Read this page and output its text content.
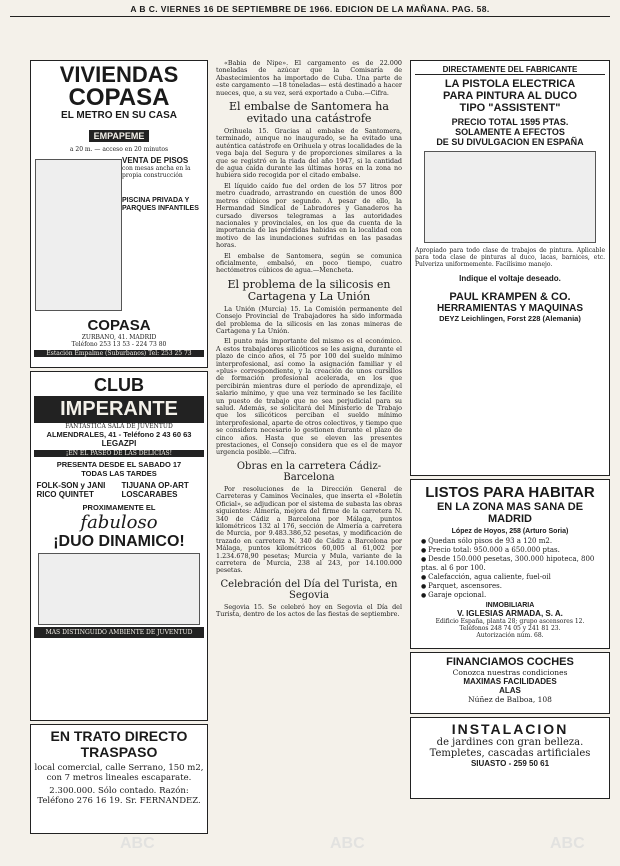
A B C. VIERNES 16 DE SEPTIEMBRE DE 1966. EDICION DE LA MAÑANA. PAG. 58.
VIVIENDAS
COPASA
EL METRO EN SU CASA
EMPAPEME
a 20 m. — acceso en 20 minutos
VENTA DE PISOS
con mesas ancha en la propia construcción
PISCINA PRIVADA Y PARQUES INFANTILES
COPASA
ZURBANO, 41. MADRID
Teléfono 253 13 53 - 224 73 80
Estación Empalme (Suburbanos) Tel: 253 25 73
CLUB
IMPERANTE
FANTASTICA SALA DE JUVENTUD
ALMENDRALES, 41 - Teléfono 2 43 60 63
LEGAZPI
¡EN EL PASEO DE LAS DELICIAS!
PRESENTA DESDE EL SABADO 17
TODAS LAS TARDES
FOLK-SON y JANI RICO QUINTET
TIJUANA OP-ART LOSCARABES
PROXIMAMENTE EL
fabuloso
¡DUO DINAMICO!
MAS DISTINGUIDO AMBIENTE DE JUVENTUD
EN TRATO DIRECTO
TRASPASO
local comercial, calle Serrano, 150 m2, con 7 metros lineales escaparate.
2.300.000. Sólo contado. Razón: Teléfono 276 16 19. Sr. FERNANDEZ.

«Babia de Nipe». El cargamento es de 22.000 toneladas de azúcar que la Comisaría de Abastecimientos ha importado de Cuba. Una parte de este cargamento —18 toneladas— está destinado a hacer nueces, que, a su vez, será exportado a Cuba.—Cifra.

El embalse de Santomera ha evitado una catástrofe

Orihuela 15. Gracias al embalse de Santomera, terminado, aunque no inaugurado, se ha evitado una auténtica catástrofe en Orihuela y otras localidades de la vega baja del Segura y de proporciones similares a la que se registró en la riada del año 1947, si la cantidad de agua caída durante las últimas horas en la zona no hubiera sido recogida por el citado embalse.

El líquido caído fue del orden de los 57 litros por metro cuadrado, arrastrando en cuestión de unos 800 metros cúbicos por segundo. A pesar de ello, la Hermandad Sindical de Labradores y Ganaderos ha cursado diversos telegramas a las autoridades nacionales y provinciales, en los que da cuenta de la importancia de las pérdidas habidas en la localidad con motivo de las inundaciones sufridas en las pasadas horas.

El embalse de Santomera, según se comunica oficialmente, embalsó, en poco tiempo, cuatro hectómetros cúbicos de agua.—Mencheta.

El problema de la silicosis en Cartagena y La Unión

La Unión (Murcia) 15. La Comisión permanente del Consejo Provincial de Trabajadores ha sido informada del problema de la silicosis en las zonas mineras de Cartagena y La Unión.

El punto más importante del mismo es el económico. A estos trabajadores silicóticos se les asigna, durante el plazo de cinco años, el 75 por 100 del sueldo mínimo interprofesional, así como la asignación familiar y el «plus» correspondiente, y la creación de unos cursillos de formación profesional acelerada, en los que percibirán mientras dure el período de aprendizaje, el salario mínimo, y que una vez terminado se les facilite un puesto de trabajo que no sea perjudicial para su salud. Además, se solicitará del Ministerio de Trabajo que los silicóticos perciban el sueldo mínimo interprofesional, aparte de otros colectivos, y tiempo que se considera necesario lo gestionen durante el plazo de cinco años. Hasta que se eleven las presentes prestaciones, el Consejo considera que es el de mayor urgencia posible.—Cifra.

Obras en la carretera Cádiz-Barcelona

Por resoluciones de la Dirección General de Carreteras y Caminos Vecinales, que inserta el «Boletín Oficial», se adjudican por el sistema de subasta las obras siguientes: Almería, mejora del firme de la carretera N. 340 de Cádiz a Barcelona por Málaga, puntos kilométricos 132 al 176, sección de Almería a carretera de Murcia, por 9.483.386,52 pesetas, y modificación de trazado en carretera N. 340 de Cádiz a Barcelona por Málaga, puntos kilométricos 60,005 al 61,002 por 1.234.678,90 pesetas; Murcia y Mula, variante de la carretera de Murcia, 238 al 243, por 14.100.000 pesetas.

Celebración del Día del Turista, en Segovia

Segovia 15. Se celebró hoy en Segovia el Día del Turista, dentro de los actos de las fiestas de septiembre.

DIRECTAMENTE DEL FABRICANTE
LA PISTOLA ELECTRICA
PARA PINTURA AL DUCO
TIPO "ASSISTENT"
PRECIO TOTAL 1595 PTAS.
SOLAMENTE A EFECTOS
DE SU DIVULGACION EN ESPAÑA
Apropiado para todo clase de trabajos de pintura. Aplicable para toda clase de pinturas al duco, lacas, barnices, etc. Pulveriza uniformemente. Facilísimo manejo.
Indique el voltaje deseado.
PAUL KRAMPEN & CO.
HERRAMIENTAS Y MAQUINAS
DEYZ Leichlingen, Forst 228 (Alemania)
LISTOS PARA HABITAR
EN LA ZONA MAS SANA DE MADRID
López de Hoyos, 258 (Arturo Soria)
● Quedan sólo pisos de 93 a 120 m2.
● Precio total: 950.000 a 650.000 ptas.
● Desde 150.000 pesetas, 300.000 hipoteca, 800 ptas. al 6 por 100.
● Calefacción, agua caliente, fuel-oil
● Parquet, ascensores.
● Garaje opcional.
INMOBILIARIA
V. IGLESIAS ARMADA, S. A.
Edificio España, planta 28; grupo ascensores 12.
Teléfonos 248 74 05 y 241 81 23.
Autorización núm. 68.
FINANCIAMOS COCHES
Conozca nuestras condiciones
MAXIMAS FACILIDADES
ALAS
Núñez de Balboa, 108
INSTALACION
de jardines con gran belleza.
Templetes, cascadas artificiales
SIUASTO - 259 50 61
ABC	ABC	ABC
